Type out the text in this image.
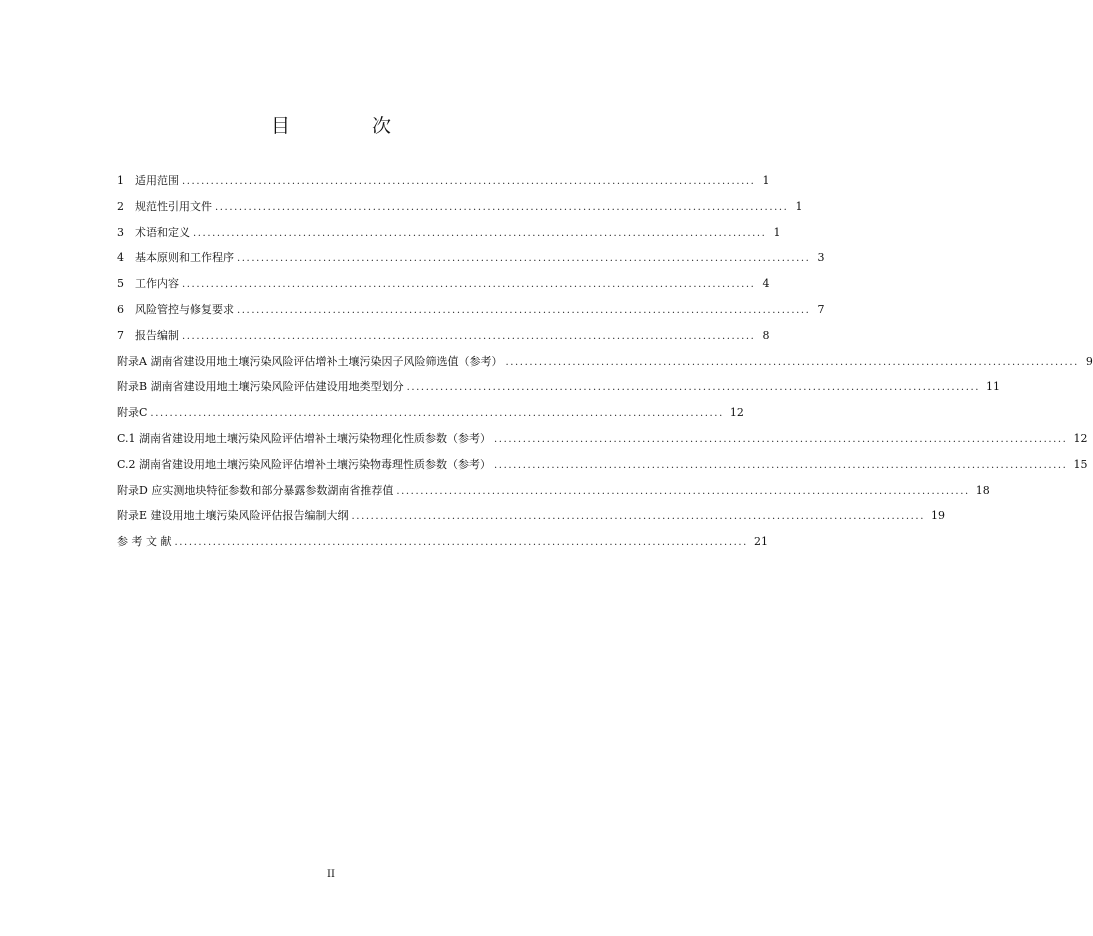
目 次
1	适用范围 ........................................................................................................................ 1
2	规范性引用文件 ........................................................................................................................ 1
3	术语和定义 ........................................................................................................................ 1
4	基本原则和工作程序 ........................................................................................................................ 3
5	工作内容 ........................................................................................................................ 4
6	风险管控与修复要求 ........................................................................................................................ 7
7	报告编制 ........................................................................................................................ 8
附录A 湖南省建设用地土壤污染风险评估增补土壤污染因子风险筛选值（参考） ........................................................................................................................ 9
附录B 湖南省建设用地土壤污染风险评估建设用地类型划分 ........................................................................................................................ 11
附录C ........................................................................................................................ 12
C.1 湖南省建设用地土壤污染风险评估增补土壤污染物理化性质参数（参考） ........................................................................................................................ 12
C.2 湖南省建设用地土壤污染风险评估增补土壤污染物毒理性质参数（参考） ........................................................................................................................ 15
附录D 应实测地块特征参数和部分暴露参数湖南省推荐值 ........................................................................................................................ 18
附录E 建设用地土壤污染风险评估报告编制大纲 ........................................................................................................................ 19
参 考 文 献 ........................................................................................................................ 21
II
